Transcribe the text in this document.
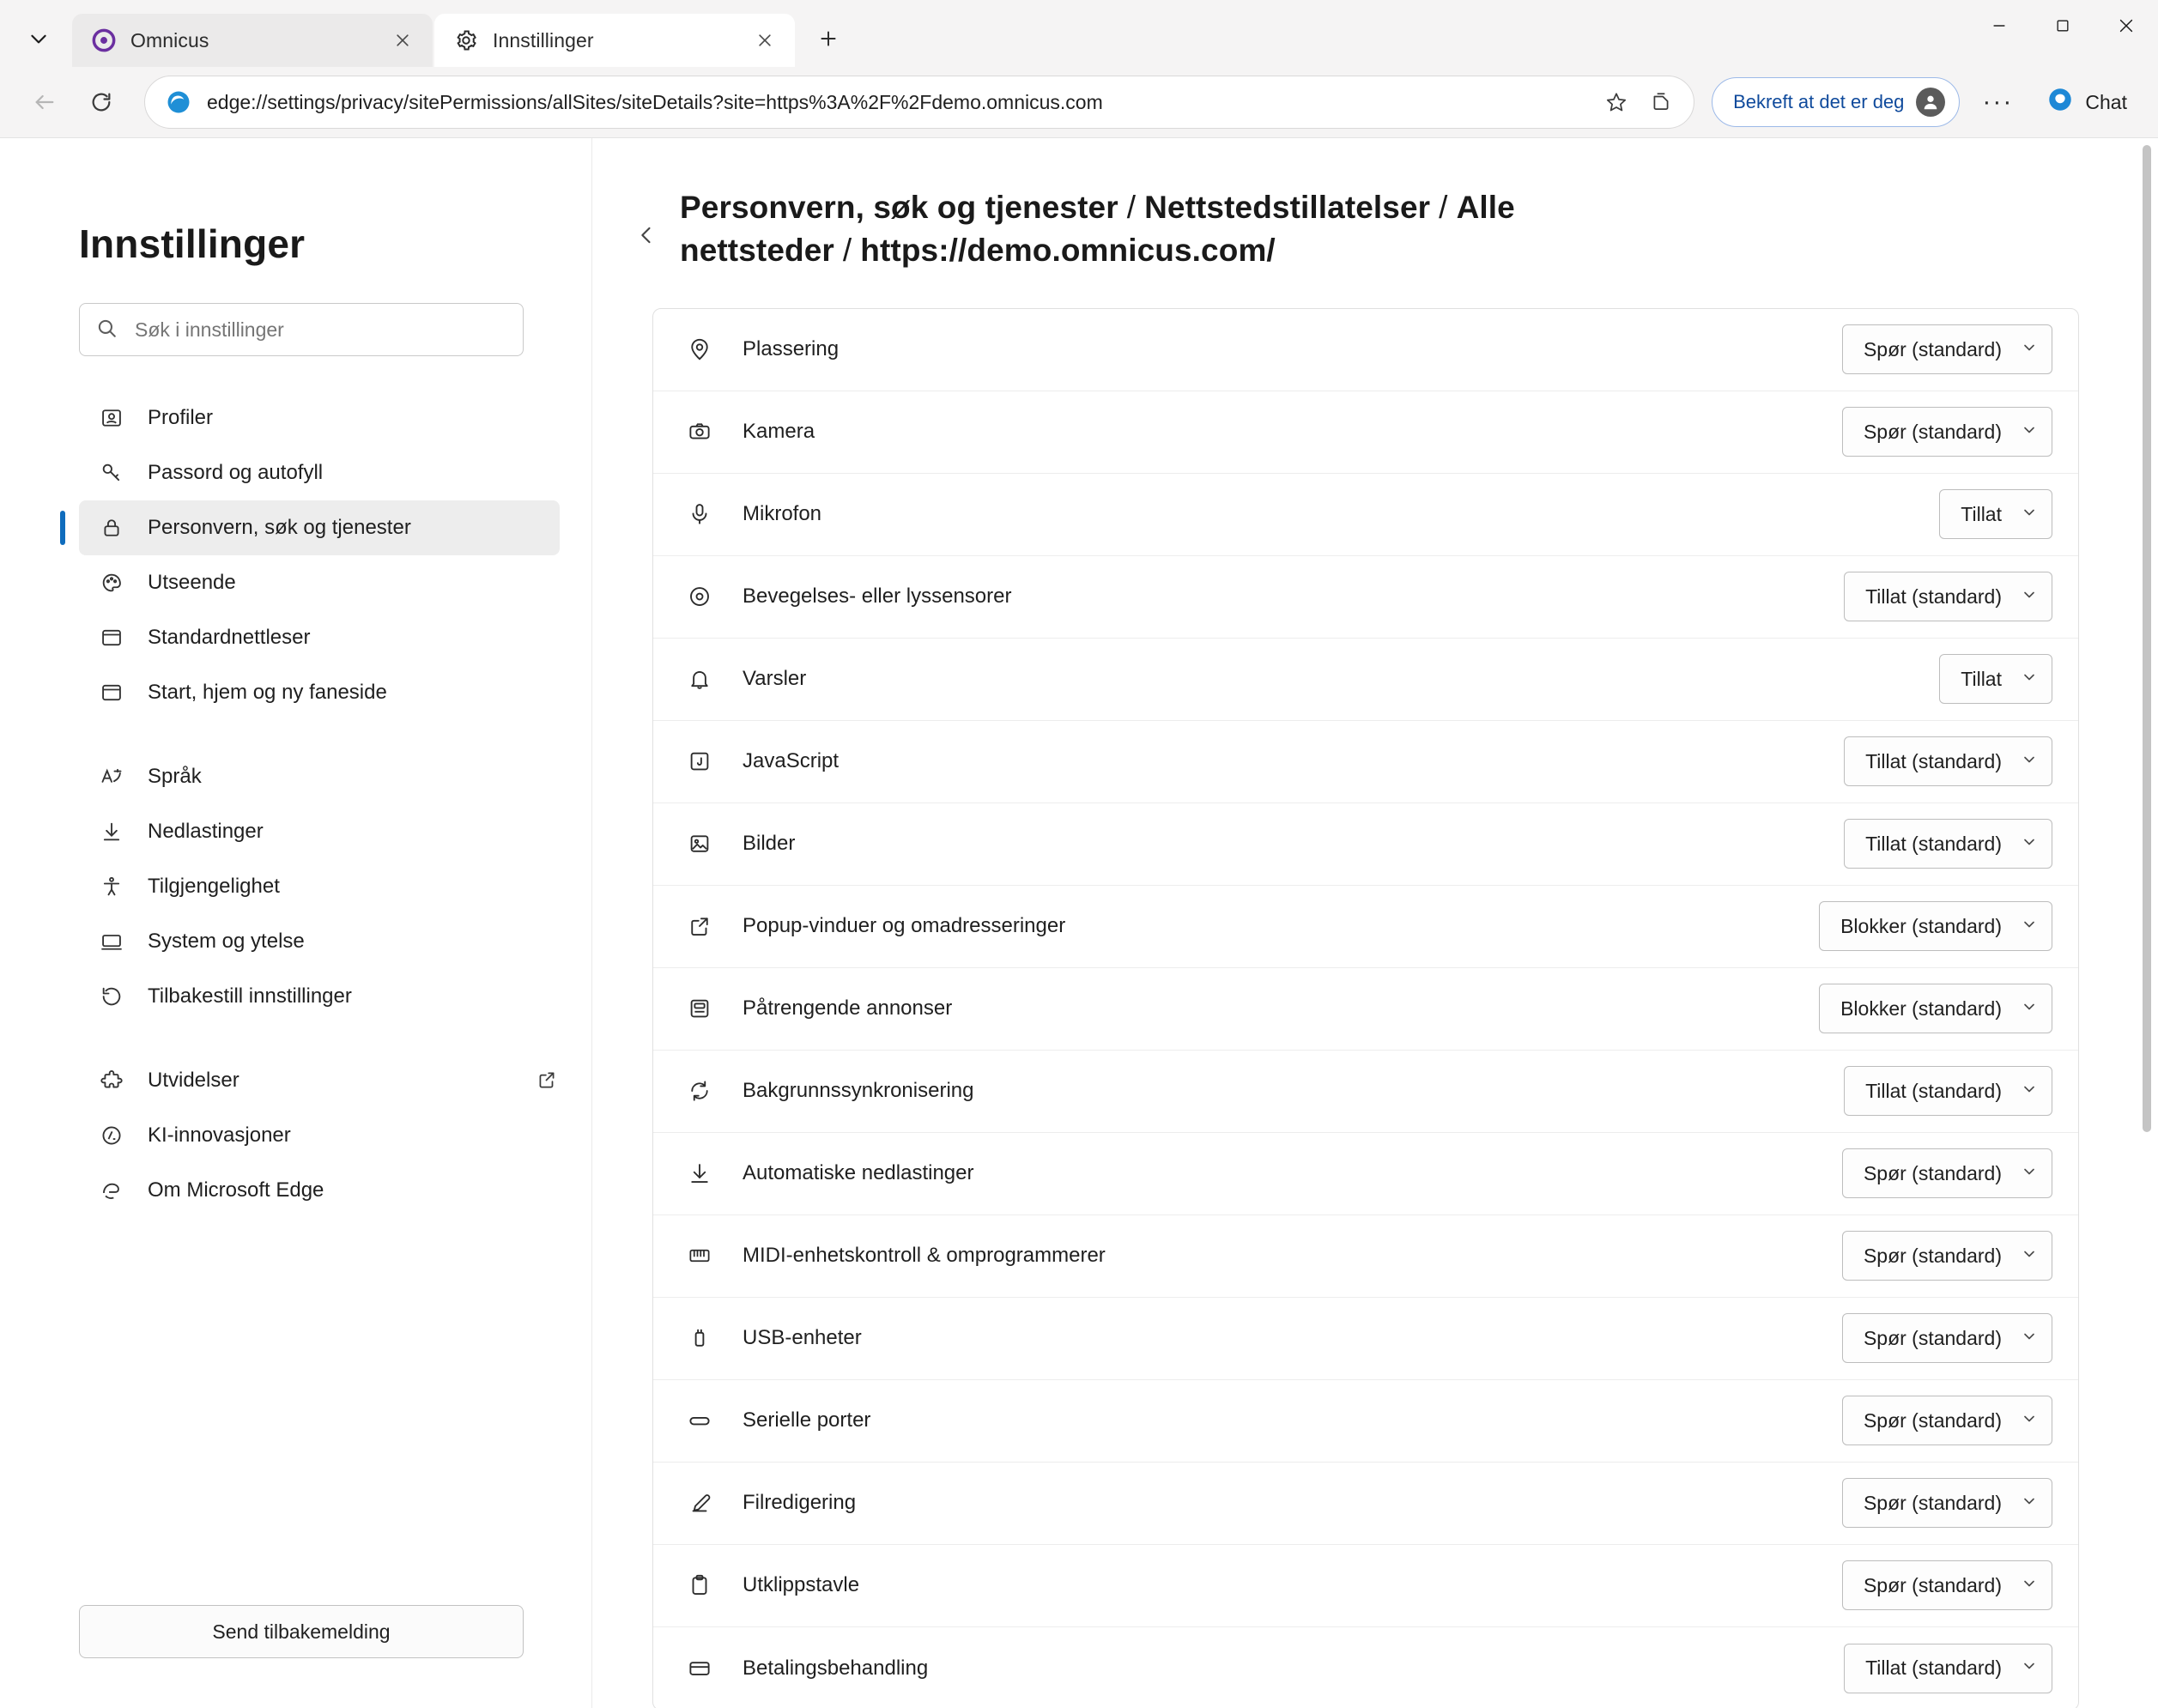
Omnicus	Innstillinger
edge://settings/privacy/sitePermissions/allSites/siteDetails?site=https%3A%2F%2Fdemo.omnicus.com	Bekreft at det er deg	···	Chat
Innstillinger
Søk i innstillinger
Profiler
Passord og autofyll
Personvern, søk og tjenester
Utseende
Standardnettleser
Start, hjem og ny faneside
Språk
Nedlastinger
Tilgjengelighet
System og ytelse
Tilbakestill innstillinger
Utvidelser
KI-innovasjoner
Om Microsoft Edge
Send tilbakemelding
Personvern, søk og tjenester / Nettstedstillatelser / Alle nettsteder / https://demo.omnicus.com/
Plassering	Spør (standard)
Kamera	Spør (standard)
Mikrofon	Tillat
Bevegelses- eller lyssensorer	Tillat (standard)
Varsler	Tillat
JavaScript	Tillat (standard)
Bilder	Tillat (standard)
Popup-vinduer og omadresseringer	Blokker (standard)
Påtrengende annonser	Blokker (standard)
Bakgrunnssynkronisering	Tillat (standard)
Automatiske nedlastinger	Spør (standard)
MIDI-enhetskontroll & omprogrammerer	Spør (standard)
USB-enheter	Spør (standard)
Serielle porter	Spør (standard)
Filredigering	Spør (standard)
Utklippstavle	Spør (standard)
Betalingsbehandling	Tillat (standard)
